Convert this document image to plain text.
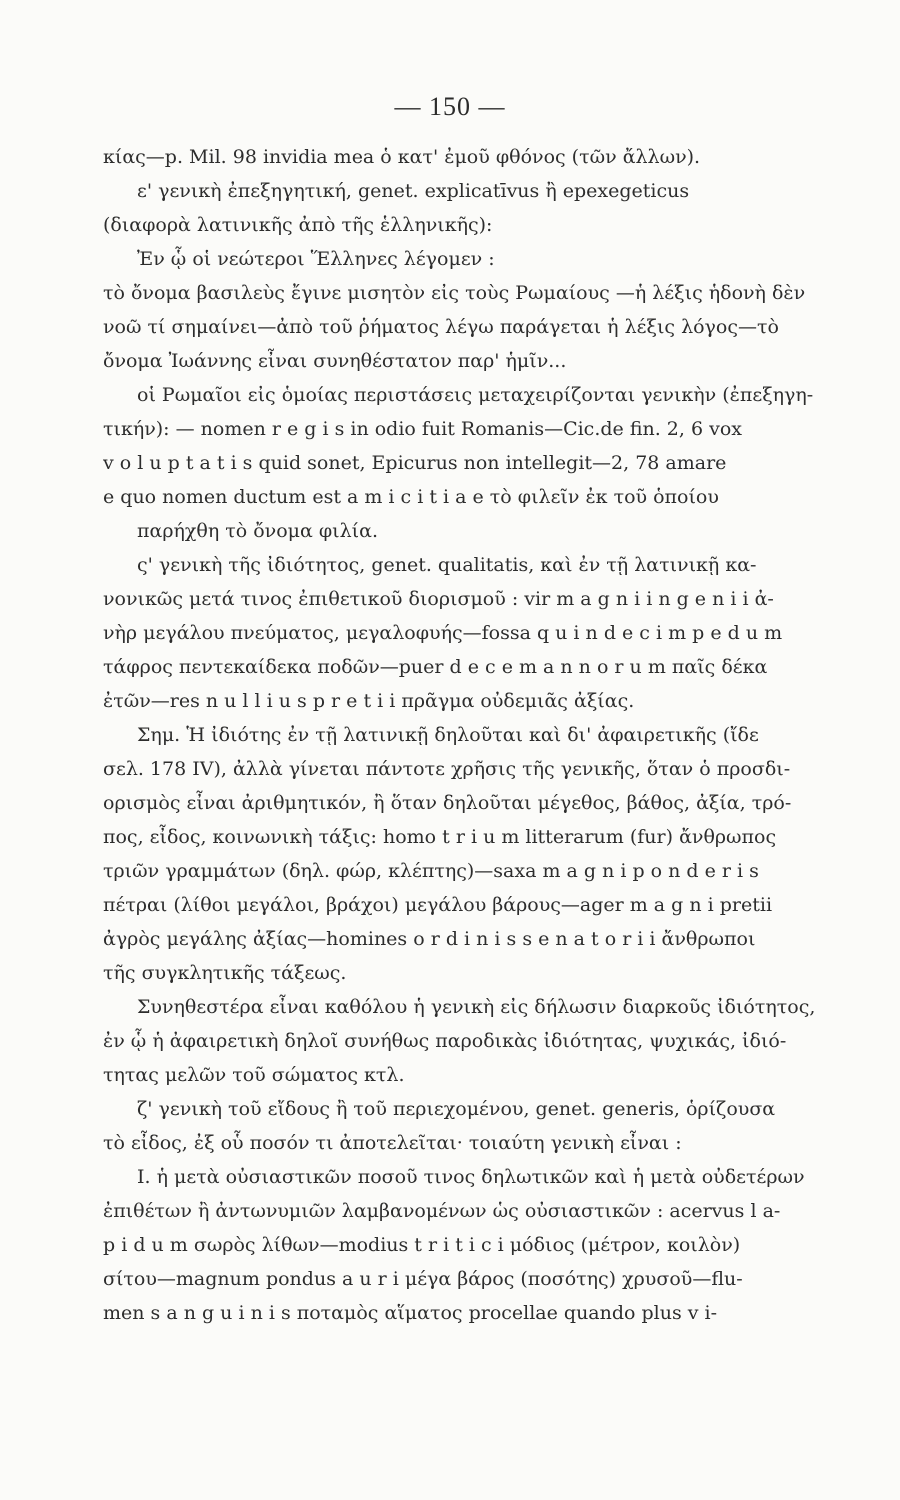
— 150 —
κίας—p. Mil. 98 invidia mea ὁ κατ' ἐμοῦ φθόνος (τῶν ἄλλων).
ε' γενικὴ ἐπεξηγητική, genet. explicatīvus ἢ epexegeticus
(διαφορὰ λατινικῆς ἀπὸ τῆς ἑλληνικῆς):
Ἐν ᾧ οἱ νεώτεροι Ἕλληνες λέγομεν :
τὸ ὄνομα βασιλεὺς ἔγινε μισητὸν εἰς τοὺς Ρωμαίους —ἡ λέξις ἡδονὴ δὲν
νοῶ τί σημαίνει—ἀπὸ τοῦ ῥήματος λέγω παράγεται ἡ λέξις λόγος—τὸ
ὄνομα Ἰωάννης εἶναι συνηθέστατον παρ' ἡμῖν...
οἱ Ρωμαῖοι εἰς ὁμοίας περιστάσεις μεταχειρίζονται γενικὴν (ἐπεξηγη-
τικήν): — nomen r e g i s in odio fuit Romanis—Cic.de fin. 2, 6 vox
v o l u p t a t i s quid sonet, Epicurus non intellegit—2, 78 amare
e quo nomen ductum est a m i c i t i a e τὸ φιλεῖν ἐκ τοῦ ὁποίου
παρήχθη τὸ ὄνομα φιλία.
ς' γενικὴ τῆς ἰδιότητος, genet. qualitatis, καὶ ἐν τῇ λατινικῇ κα-
νονικῶς μετά τινος ἐπιθετικοῦ διορισμοῦ : vir m a g n i i n g e n i i ἀ-
νὴρ μεγάλου πνεύματος, μεγαλοφυής—fossa q u i n d e c i m p e d u m
τάφρος πεντεκαίδεκα ποδῶν—puer d e c e m a n n o r u m παῖς δέκα
ἐτῶν—res n u l l i u s p r e t i i πρᾶγμα οὐδεμιᾶς ἀξίας.
Σημ. Ἡ ἰδιότης ἐν τῇ λατινικῇ δηλοῦται καὶ δι' ἀφαιρετικῆς (ἴδε
σελ. 178 IV), ἀλλὰ γίνεται πάντοτε χρῆσις τῆς γενικῆς, ὅταν ὁ προσδι-
ορισμὸς εἶναι ἀριθμητικόν, ἢ ὅταν δηλοῦται μέγεθος, βάθος, ἀξία, τρό-
πος, εἶδος, κοινωνικὴ τάξις: homo t r i u m litterarum (fur) ἄνθρωπος
τριῶν γραμμάτων (δηλ. φώρ, κλέπτης)—saxa m a g n i p o n d e r i s
πέτραι (λίθοι μεγάλοι, βράχοι) μεγάλου βάρους—ager m a g n i pretii
ἀγρὸς μεγάλης ἀξίας—homines o r d i n i s s e n a t o r i i ἄνθρωποι
τῆς συγκλητικῆς τάξεως.
Συνηθεστέρα εἶναι καθόλου ἡ γενικὴ εἰς δήλωσιν διαρκοῦς ἰδιότητος,
ἐν ᾧ ἡ ἀφαιρετικὴ δηλοῖ συνήθως παροδικὰς ἰδιότητας, ψυχικάς, ἰδιό-
τητας μελῶν τοῦ σώματος κτλ.
ζ' γενικὴ τοῦ εἴδους ἢ τοῦ περιεχομένου, genet. generis, ὁρίζουσα
τὸ εἶδος, ἐξ οὗ ποσόν τι ἀποτελεῖται· τοιαύτη γενικὴ εἶναι :
I. ἡ μετὰ οὐσιαστικῶν ποσοῦ τινος δηλωτικῶν καὶ ἡ μετὰ οὐδετέρων
ἐπιθέτων ἢ ἀντωνυμιῶν λαμβανομένων ὡς οὐσιαστικῶν : acervus l a-
p i d u m σωρὸς λίθων—modius t r i t i c i μόδιος (μέτρον, κοιλὸν)
σίτου—magnum pondus a u r i μέγα βάρος (ποσότης) χρυσοῦ—flu-
men s a n g u i n i s ποταμὸς αἵματος procellae quando plus v i-
